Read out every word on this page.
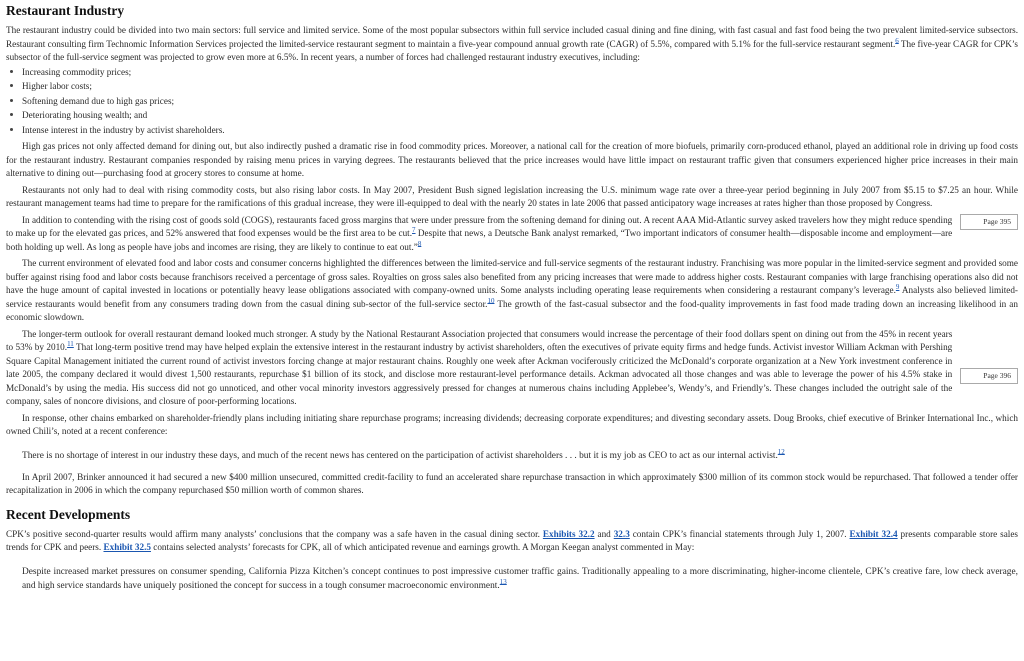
Restaurant Industry

The restaurant industry could be divided into two main sectors: full service and limited service. Some of the most popular subsectors within full service included casual dining and fine dining, with fast casual and fast food being the two prevalent limited-service subsectors. Restaurant consulting firm Technomic Information Services projected the limited-service restaurant segment to maintain a five-year compound annual growth rate (CAGR) of 5.5%, compared with 5.1% for the full-service restaurant segment.$^6$ The five-year CAGR for CPK’s subsector of the full-service segment was projected to grow even more at 6.5%. In recent years, a number of forces had challenged restaurant industry executives, including:

Increasing commodity prices;
Higher labor costs;
Softening demand due to high gas prices;
Deteriorating housing wealth; and
Intense interest in the industry by activist shareholders.

High gas prices not only affected demand for dining out, but also indirectly pushed a dramatic rise in food commodity prices. Moreover, a national call for the creation of more biofuels, primarily corn-produced ethanol, played an additional role in driving up food costs for the restaurant industry. Restaurant companies responded by raising menu prices in varying degrees. The restaurants believed that the price increases would have little impact on restaurant traffic given that consumers experienced higher price increases in their main alternative to dining out—purchasing food at grocery stores to consume at home.

Restaurants not only had to deal with rising commodity costs, but also rising labor costs. In May 2007, President Bush signed legislation increasing the U.S. minimum wage rate over a three-year period beginning in July 2007 from $5.15 to $7.25 an hour. While restaurant management teams had time to prepare for the ramifications of this gradual increase, they were ill-equipped to deal with the nearly 20 states in late 2006 that passed anticipatory wage increases at rates higher than those proposed by Congress.

Page 395
In addition to contending with the rising cost of goods sold (COGS), restaurants faced gross margins that were under pressure from the softening demand for dining out. A recent AAA Mid-Atlantic survey asked travelers how they might reduce spending to make up for the elevated gas prices, and 52% answered that food expenses would be the first area to be cut.$^7$ Despite that news, a Deutsche Bank analyst remarked, “Two important indicators of consumer health—disposable income and employment—are both holding up well. As long as people have jobs and incomes are rising, they are likely to continue to eat out.”$^8$

The current environment of elevated food and labor costs and consumer concerns highlighted the differences between the limited-service and full-service segments of the restaurant industry. Franchising was more popular in the limited-service segment and provided some buffer against rising food and labor costs because franchisors received a percentage of gross sales. Royalties on gross sales also benefited from any pricing increases that were made to address higher costs. Restaurant companies with large franchising operations also did not have the huge amount of capital invested in locations or potentially heavy lease obligations associated with company-owned units. Some analysts including operating lease requirements when considering a restaurant company’s leverage.$^9$ Analysts also believed limited-service restaurants would benefit from any consumers trading down from the casual dining sub-sector of the full-service sector.$^{10}$ The growth of the fast-casual subsector and the food-quality improvements in fast food made trading down an increasing likelihood in an economic slowdown.

Page 396
The longer-term outlook for overall restaurant demand looked much stronger. A study by the National Restaurant Association projected that consumers would increase the percentage of their food dollars spent on dining out from the 45% in recent years to 53% by 2010.11 That long-term positive trend may have helped explain the extensive interest in the restaurant industry by activist shareholders, often the executives of private equity firms and hedge funds. Activist investor William Ackman with Pershing Square Capital Management initiated the current round of activist investors forcing change at major restaurant chains. Roughly one week after Ackman vociferously criticized the McDonald’s corporate organization at a New York investment conference in late 2005, the company declared it would divest 1,500 restaurants, repurchase $1 billion of its stock, and disclose more restaurant-level performance details. Ackman advocated all those changes and was able to leverage the power of his 4.5% stake in McDonald’s by using the media. His success did not go unnoticed, and other vocal minority investors aggressively pressed for changes at numerous chains including Applebee’s, Wendy’s, and Friendly’s. These changes included the outright sale of the company, sales of noncore divisions, and closure of poor-performing locations.

In response, other chains embarked on shareholder-friendly plans including initiating share repurchase programs; increasing dividends; decreasing corporate expenditures; and divesting secondary assets. Doug Brooks, chief executive of Brinker International Inc., which owned Chili’s, noted at a recent conference:

There is no shortage of interest in our industry these days, and much of the recent news has centered on the participation of activist shareholders . . . but it is my job as CEO to act as our internal activist.$^{12}$

In April 2007, Brinker announced it had secured a new $400 million unsecured, committed credit-facility to fund an accelerated share repurchase transaction in which approximately $300 million of its common stock would be repurchased. That followed a tender offer recapitalization in 2006 in which the company repurchased $50 million worth of common shares.

Recent Developments

CPK’s positive second-quarter results would affirm many analysts’ conclusions that the company was a safe haven in the casual dining sector. Exhibits 32.2 and 32.3 contain CPK’s financial statements through July 1, 2007. Exhibit 32.4 presents comparable store sales trends for CPK and peers. Exhibit 32.5 contains selected analysts’ forecasts for CPK, all of which anticipated revenue and earnings growth. A Morgan Keegan analyst commented in May:

Despite increased market pressures on consumer spending, California Pizza Kitchen’s concept continues to post impressive customer traffic gains. Traditionally appealing to a more discriminating, higher-income clientele, CPK’s creative fare, low check average, and high service standards have uniquely positioned the concept for success in a tough consumer macroeconomic environment.$^{13}$
